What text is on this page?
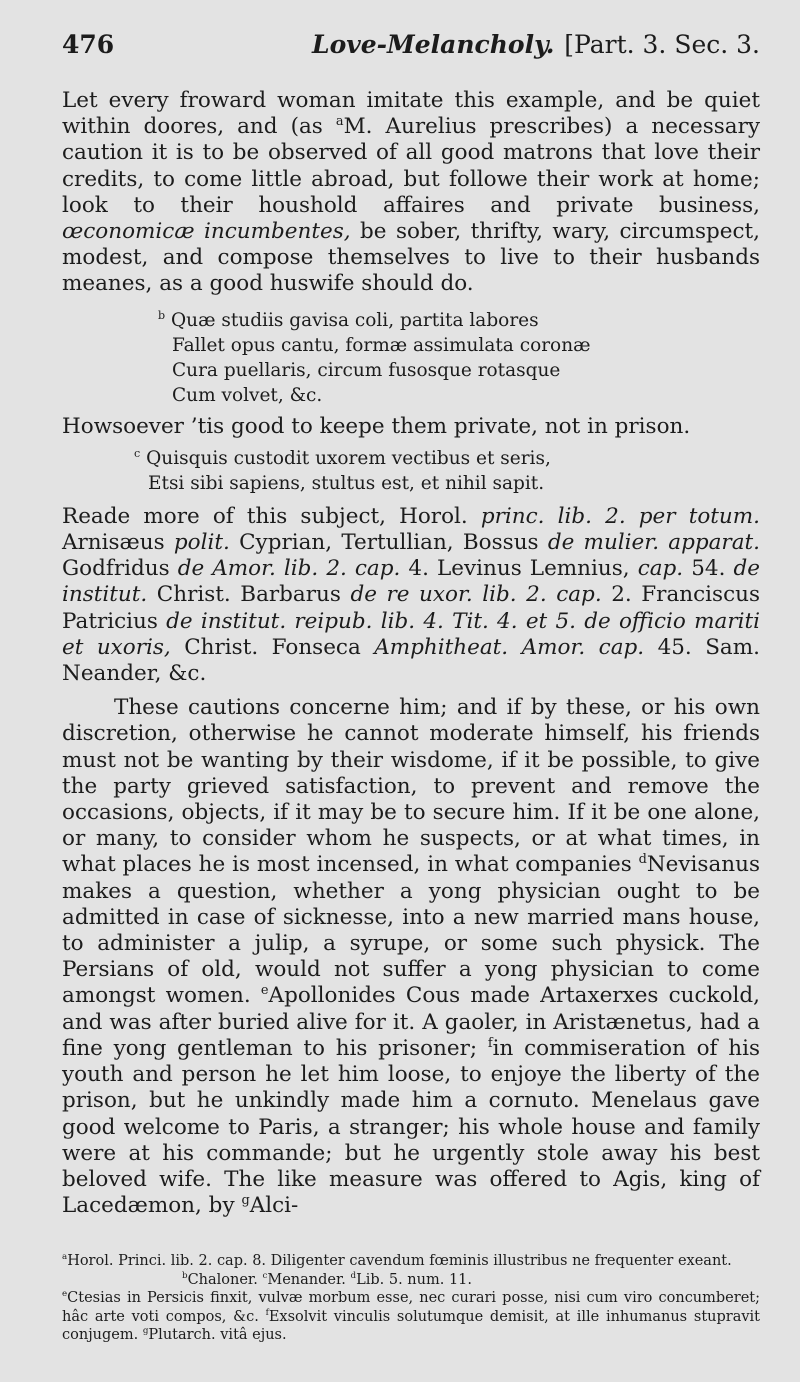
476	Love-Melancholy. [Part. 3. Sec. 3.

Let every froward woman imitate this example, and be quiet within doores, and (as $^a$M. Aurelius prescribes) a necessary caution it is to be observed of all good matrons that love their credits, to come little abroad, but followe their work at home; look to their houshold affaires and private business, œconomicæ incumbentes, be sober, thrifty, wary, circumspect, modest, and compose themselves to live to their husbands meanes, as a good huswife should do.

$^b$ Quæ studiis gavisa coli, partita labores
Fallet opus cantu, formæ assimulata coronæ
Cura puellaris, circum fusosque rotasque
Cum volvet, &c.

Howsoever ’tis good to keepe them private, not in prison.

$^c$ Quisquis custodit uxorem vectibus et seris,
Etsi sibi sapiens, stultus est, et nihil sapit.

Reade more of this subject, Horol. princ. lib. 2. per totum. Arnisæus polit. Cyprian, Tertullian, Bossus de mulier. apparat. Godfridus de Amor. lib. 2. cap. 4. Levinus Lemnius, cap. 54. de institut. Christ. Barbarus de re uxor. lib. 2. cap. 2. Franciscus Patricius de institut. reipub. lib. 4. Tit. 4. et 5. de officio mariti et uxoris, Christ. Fonseca Amphitheat. Amor. cap. 45. Sam. Neander, &c.

These cautions concerne him; and if by these, or his own discretion, otherwise he cannot moderate himself, his friends must not be wanting by their wisdome, if it be possible, to give the party grieved satisfaction, to prevent and remove the occasions, objects, if it may be to secure him. If it be one alone, or many, to consider whom he suspects, or at what times, in what places he is most incensed, in what companies $^d$Nevisanus makes a question, whether a yong physician ought to be admitted in case of sicknesse, into a new married mans house, to administer a julip, a syrupe, or some such physick. The Persians of old, would not suffer a yong physician to come amongst women. $^e$Apollonides Cous made Artaxerxes cuckold, and was after buried alive for it. A gaoler, in Aristænetus, had a fine yong gentleman to his prisoner; $^f$in commiseration of his youth and person he let him loose, to enjoye the liberty of the prison, but he unkindly made him a cornuto. Menelaus gave good welcome to Paris, a stranger; his whole house and family were at his commande; but he urgently stole away his best beloved wife. The like measure was offered to Agis, king of Lacedæmon, by $^g$Alci-

$^a$Horol. Princi. lib. 2. cap. 8. Diligenter cavendum fœminis illustribus ne frequenter exeant.
$^b$Chaloner. $^c$Menander. $^d$Lib. 5. num. 11.
$^e$Ctesias in Persicis finxit, vulvæ morbum esse, nec curari posse, nisi cum viro concumberet; hâc arte voti compos, &c. $^f$Exsolvit vinculis solutumque demisit, at ille inhumanus stupravit conjugem. $^g$Plutarch. vitâ ejus.
